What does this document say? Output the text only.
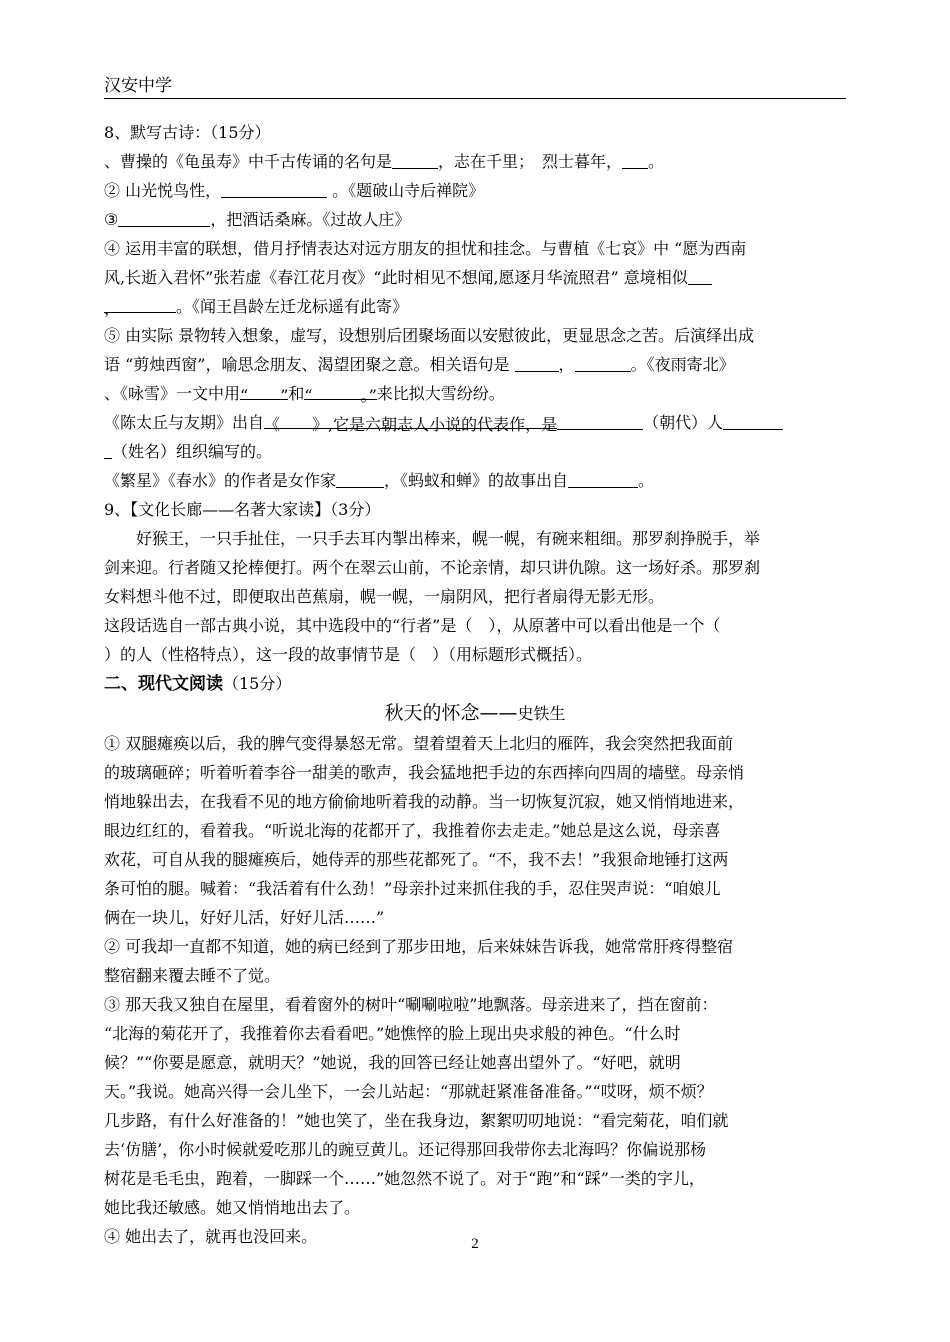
汉安中学
8、默写古诗：（15分）
、曹操的《龟虽寿》中千古传诵的名句是	，志在千里；　烈士暮年， 。
② 山光悦鸟性，	。《题破山寺后禅院》
③	，把酒话桑麻。《过故人庄》
④ 运用丰富的联想，借月抒情表达对远方朋友的担忧和挂念。与曹植《七哀》中 “愿为西南
风,长逝入君怀”张若虚《春江花月夜》“此时相见不想闻,愿逐月华流照君” 意境相似
，	。《闻王昌龄左迁龙标遥有此寄》
⑤ 由实际 景物转入想象，虚写，设想别后团聚场面以安慰彼此，更显思念之苦。后演绎出成
语 “剪烛西窗”，喻思念朋友、渴望团聚之意。相关语句是	，	。《夜雨寄北》
、《咏雪》一文中用“　　”和“　　　。”来比拟大雪纷纷。
《陈太丘与友期》出自《　　》,它是六朝志人小说的代表作，是	（朝代）人
（姓名）组织编写的。
《繁星》《春水》的作者是女作家	，《蚂蚁和蝉》的故事出自	。
9、【文化长廊——名著大家读】（3分）
好猴王，一只手扯住，一只手去耳内掣出棒来，幌一幌，有碗来粗细。那罗刹挣脱手，举
剑来迎。行者随又抡棒便打。两个在翠云山前，不论亲情，却只讲仇隙。这一场好杀。那罗刹
女料想斗他不过，即便取出芭蕉扇，幌一幌，一扇阴风，把行者扇得无影无形。
这段话选自一部古典小说，其中选段中的“行者”是（　），从原著中可以看出他是一个（
）的人（性格特点），这一段的故事情节是（　）（用标题形式概括）。
二、现代文阅读（15分）
秋天的怀念——史铁生
① 双腿瘫痪以后，我的脾气变得暴怒无常。望着望着天上北归的雁阵，我会突然把我面前
的玻璃砸碎；听着听着李谷一甜美的歌声，我会猛地把手边的东西摔向四周的墙壁。母亲悄
悄地躲出去，在我看不见的地方偷偷地听着我的动静。当一切恢复沉寂，她又悄悄地进来，
眼边红红的，看着我。“听说北海的花都开了，我推着你去走走。”她总是这么说，母亲喜
欢花，可自从我的腿瘫痪后，她侍弄的那些花都死了。“不，我不去！”我狠命地锤打这两
条可怕的腿。喊着：“我活着有什么劲！”母亲扑过来抓住我的手，忍住哭声说：“咱娘儿
俩在一块儿，好好儿活，好好儿活……”
② 可我却一直都不知道，她的病已经到了那步田地，后来妹妹告诉我，她常常肝疼得整宿
整宿翻来覆去睡不了觉。
③ 那天我又独自在屋里，看着窗外的树叶“唰唰啦啦”地飘落。母亲进来了，挡在窗前：
“北海的菊花开了，我推着你去看看吧。”她憔悴的脸上现出央求般的神色。“什么时
候？”“你要是愿意，就明天？”她说，我的回答已经让她喜出望外了。“好吧，就明
天。”我说。她高兴得一会儿坐下，一会儿站起：“那就赶紧准备准备。”“哎呀，烦不烦？
几步路，有什么好准备的！”她也笑了，坐在我身边，絮絮叨叨地说：“看完菊花，咱们就
去‘仿膳’，你小时候就爱吃那儿的豌豆黄儿。还记得那回我带你去北海吗？你偏说那杨
树花是毛毛虫，跑着，一脚踩一个……”她忽然不说了。对于“跑”和“踩”一类的字儿，
她比我还敏感。她又悄悄地出去了。
④ 她出去了，就再也没回来。	2
